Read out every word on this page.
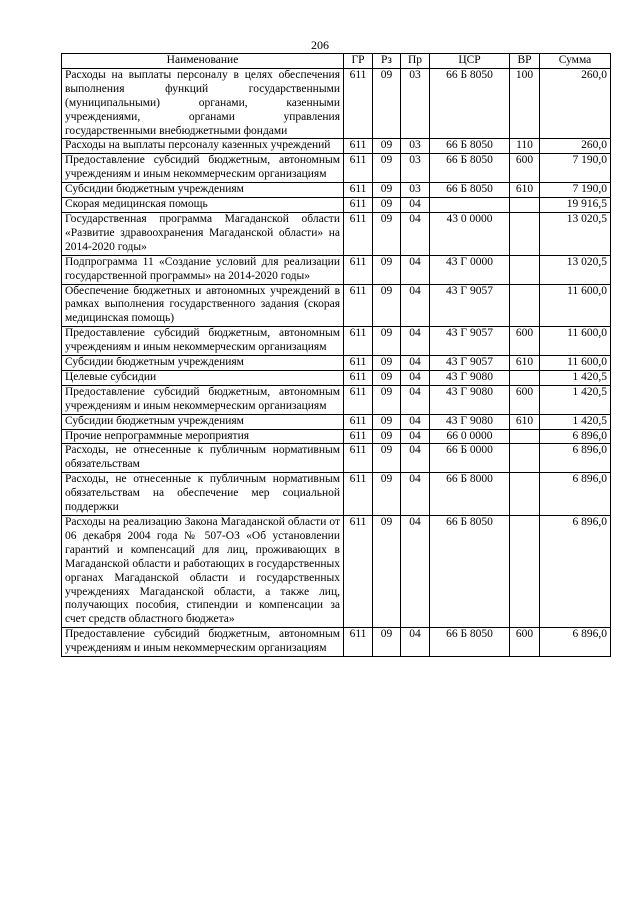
206
Наименование	ГР	Рз	Пр	ЦСР	ВР	Сумма
Расходы на выплаты персоналу в целях обеспечения выполнения функций государственными (муниципальными) органами, казенными учреждениями, органами управления государственными внебюджетными фондами	611	09	03	66 Б 8050	100	260,0
Расходы на выплаты персоналу казенных учреждений	611	09	03	66 Б 8050	110	260,0
Предоставление субсидий бюджетным, автономным учреждениям и иным некоммерческим организациям	611	09	03	66 Б 8050	600	7 190,0
Субсидии бюджетным учреждениям	611	09	03	66 Б 8050	610	7 190,0
Скорая медицинская помощь	611	09	04			19 916,5
Государственная программа Магаданской области «Развитие здравоохранения Магаданской области» на 2014-2020 годы»	611	09	04	43 0 0000		13 020,5
Подпрограмма 11 «Создание условий для реализации государственной программы» на 2014-2020 годы»	611	09	04	43 Г 0000		13 020,5
Обеспечение бюджетных и автономных учреждений в рамках выполнения государственного задания (скорая медицинская помощь)	611	09	04	43 Г 9057		11 600,0
Предоставление субсидий бюджетным, автономным учреждениям и иным некоммерческим организациям	611	09	04	43 Г 9057	600	11 600,0
Субсидии бюджетным учреждениям	611	09	04	43 Г 9057	610	11 600,0
Целевые субсидии	611	09	04	43 Г 9080		1 420,5
Предоставление субсидий бюджетным, автономным учреждениям и иным некоммерческим организациям	611	09	04	43 Г 9080	600	1 420,5
Субсидии бюджетным учреждениям	611	09	04	43 Г 9080	610	1 420,5
Прочие непрограммные мероприятия	611	09	04	66 0 0000		6 896,0
Расходы, не отнесенные к публичным нормативным обязательствам	611	09	04	66 Б 0000		6 896,0
Расходы, не отнесенные к публичным нормативным обязательствам на обеспечение мер социальной поддержки	611	09	04	66 Б 8000		6 896,0
Расходы на реализацию Закона Магаданской области от 06 декабря 2004 года № 507-ОЗ «Об установлении гарантий и компенсаций для лиц, проживающих в Магаданской области и работающих в государственных органах Магаданской области и государственных учреждениях Магаданской области, а также лиц, получающих пособия, стипендии и компенсации за счет средств областного бюджета»	611	09	04	66 Б 8050		6 896,0
Предоставление субсидий бюджетным, автономным учреждениям и иным некоммерческим организациям	611	09	04	66 Б 8050	600	6 896,0
